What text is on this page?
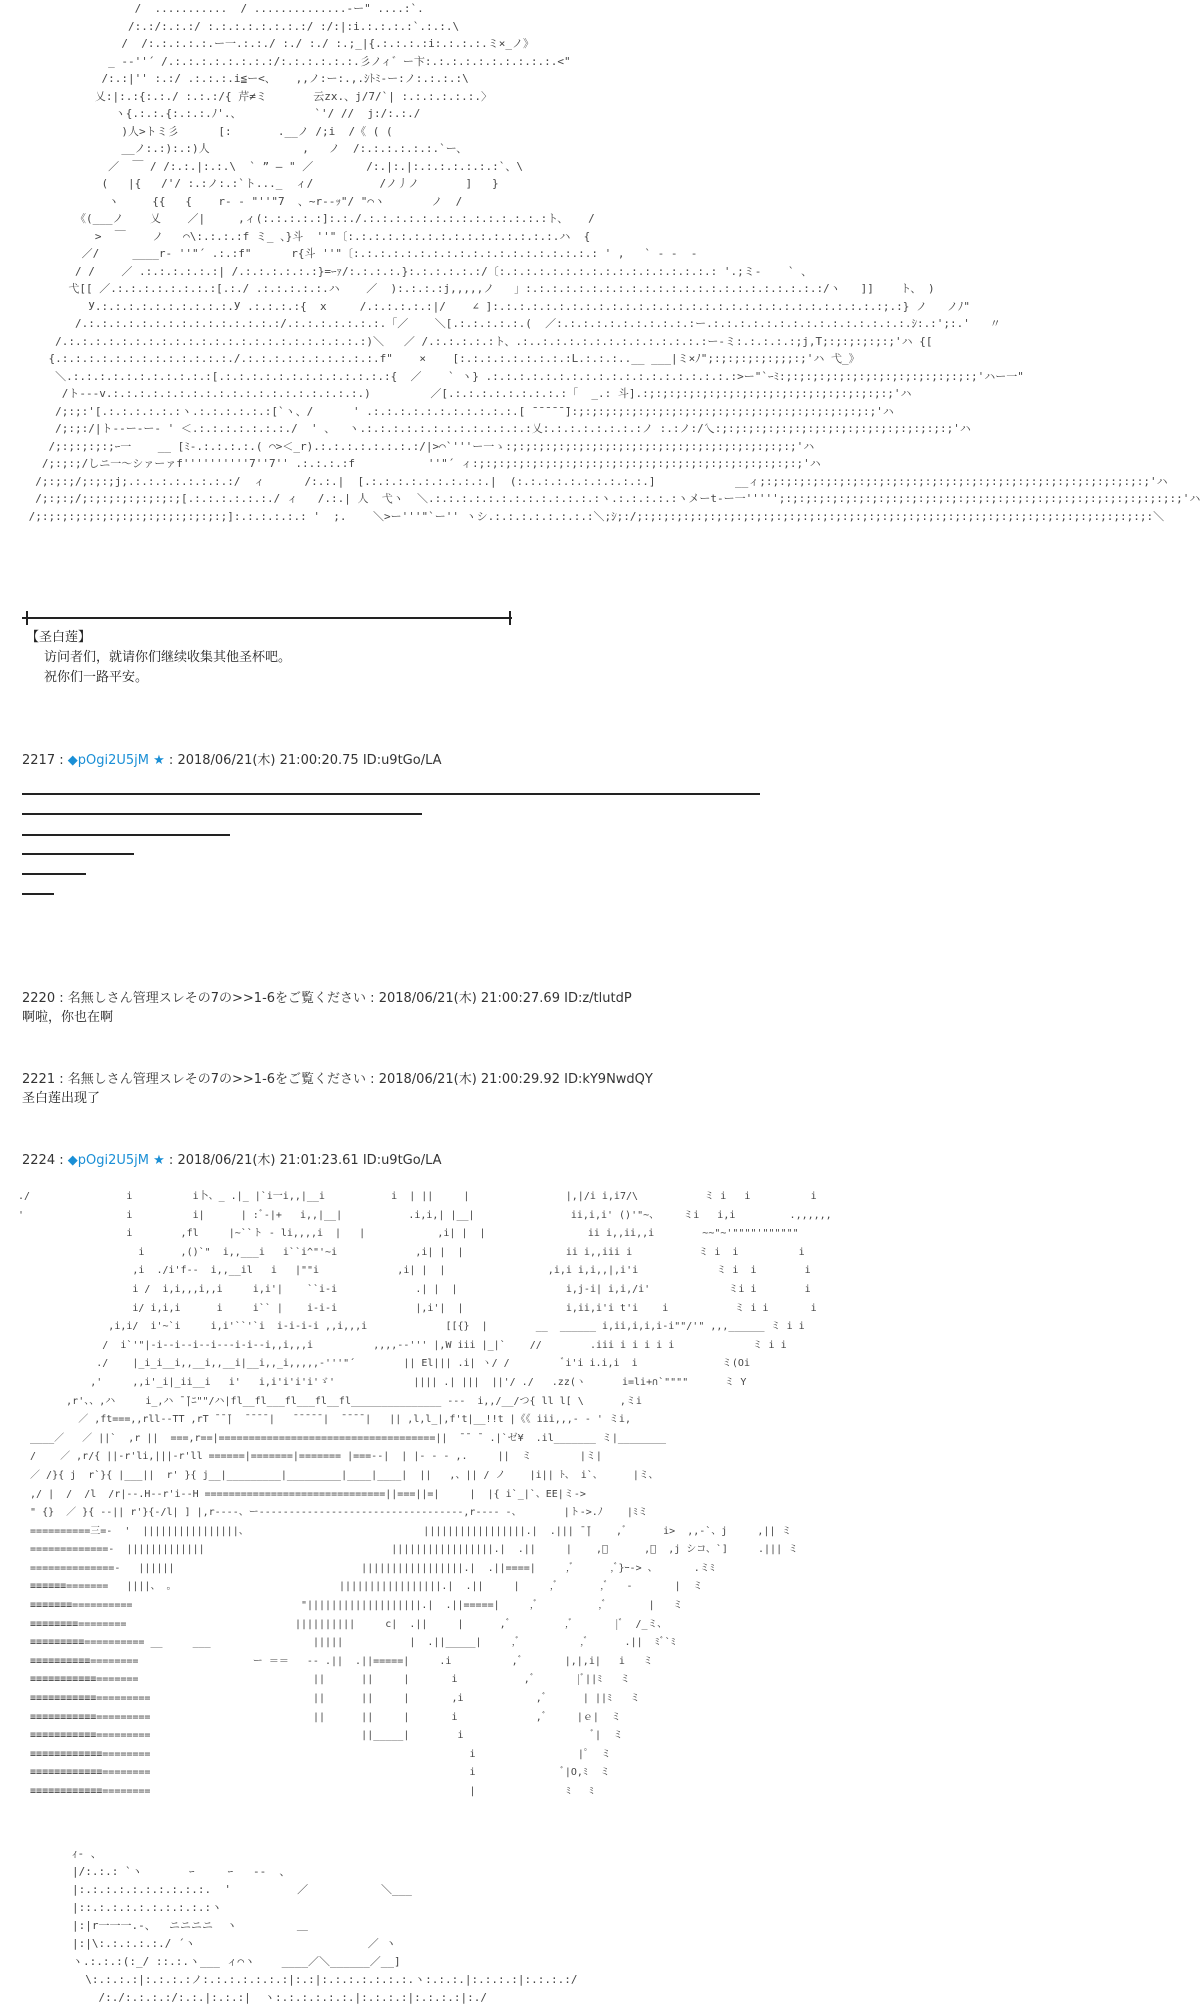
/  ...........  / ..............-ー" ....:`.
/:.:/:.:.:/ :.:.:.:.:.:.:.:/ :/:|:i.:.:.:.:`.:.:.\
/  /:.:.:.:.:.ー一.:.:./ :./ :./ :.;_|{.:.:.:.:i:.:.:.:.ミ×_ノ》
_ -‐''´ /.:.:.:.:.:.:.:.:/:.:.:.:.:.:.彡ノィ゛ー卞:.:.:.:.:.:.:.:.:.:.<"
/:.:|'' :.:/ .:.:.:.i≦ー<、   ,,ノ:ー:.,.ｼﾄﾐ-ー:ノ:.:.:.:\
乂:|:.:{:.:./ :.:.:/{ 芹≠ミ       云zx.、j/7/`| :.:.:.:.:.:.〉
ヽ{.:.:.{:.:.:.ﾉ'.、           `'/ //  j:/:.:./
)人>トミ彡      [:       .__ノ /;i  /《 ( (
__ノ:.:):.:)人              ,   ノ  /:.:.:.:.:.:.`ー、
／  ￣ / /:.:.|:.:.\  ` ” ― " ／        /:.|:.|:.:.:.:.:.:.:`、\
(   |{   /'/ :.:ノ:.:`ト..._  ィ/          /ノ丿ノ       ]   }
ヽ     {{   {    r‐ ‐ "''"7  、~r-‐ｯ"/ "⌒ヽ       ノ  /
《(___ノ    乂    ／|     ,ィ(:.:.:.:.:]:.:./.:.:.:.:.:.:.:.:.:.:.:.:.:.:ト、   /
>  ￣    ノ   ⌒\:.:.:.:f ミ_ 、}斗  ''"〔:.:.:.:.:.:.:.:.:.:.:.:.:.:.:.:.ハ  {
／/     ____r- ''"´ .:.:f"      r{斗 ''"〔:.:.:.:.:.:.:.:.:.:.:.:.:.:.:.:.:.:.: ' ,   ` ‐ ‐  ‐
/ /    ／ .:.:.:.:.:.:| /.:.:.:.:.:.:}=ｰｧ/:.:.:.:.}:.:.:.:.:.:/〔:.:.:.:.:.:.:.:.:.:.:.:.:.:.:.:.: '.;ミ-    ` 、
弋[[ ／.:.:.:.:.:.:.:.:[.:./ .:.:.:.:.:.ハ    ／  ):.:.:.:j,,,,,ノ   」:.:.:.:.:.:.:.:.:.:.:.:.:.:.:.:.:.:.:.:.:.:.:/ヽ   ]]    ト、 )
У.:.:.:.:.:.:.:.:.:.:.У .:.:.:.:{  x     /.:.:.:.:.:|/    ∠ ]:.:.:.:.:.:.:.:.:.:.:.:.:.:.:.:.:.:.:.:.:.:.:.:.:.:.:.:.:.:;.:} ノ   ノﾉ"
/.:.:.:.:.:.:.:.:.:.:.:.:.:.:.:/.:.:.:.:.:.:.:.「／    ＼[.:.:.:.:.:.(  ／:.:.:.:.:.:.:.:.:.:.:ー.:.:.:.:.:.:.:.:.:.:.:.:.:.:.:.ｼ:.:';:.'   〃
/.:.:.:.:.:.:.:.:.:.:.:.:.:.:.:.:.:.:.:.:.:.:.:)＼   ／ /.:.:.:.:.:ト、.:..:.:.:.:.:.:.:.:.:.:.:.:.:ー-ミ:.:.:.:.:;j,T;:;:;:;:;:;'ハ {[
{.:.:.:.:.:.:.:.:.:.:.:.:.:./.:.:.:.:.:.:.:.:.:.:.f"    ×    [:.:.:.:.:.:.:.:.:L.:.:.:..__ ___|ミ×ﾉ";:;:;:;:;:;;;:;'ハ 弋_》
＼.:.:.:.:.:.:.:.:.:.:.:[.:.:.:.:.:.:.:.:.:.:.:.:.:{  ／    ` ヽ} .:.:.:.:.:.:.:.:.:.:.:.:.:.:.:.:.:.:.:>ー"`ｰﾐ:;:;:;:;:;:;:;:;:;:;:;:;:;:;:;'ハー一"
/ト-‐-v.:.:.:.:.:.:.:.:.:.:.:.:.:.:.:.:.:.:.:.)         ／[.:.:.:.:.:.:.:.:.:「  _.: 斗].:;:;:;:;:;:;:;:;:;:;:;:;:;:;:;:;:;:;:;'ハ
/;:;:'[.:.:.:.:.:.:ヽ.:.:.:.:.:.:[`ヽ、/      ' .:.:.:.:.:.:.:.:.:.:.:.[ ̄ ̄ ̄ ̄ ̄ ̄]:;:;:;:;:;:;:;:;:;:;:;:;:;:;:;:;:;:;:;:;:;:;:;'ハ
/;:;:/|ト-‐ー-ー‐ ' ＜.:.:.:.:.:.:.:./  ' 、  ヽ.:.:.:.:.:.:.:.:.:.:.:.:.:乂:.:.:.:.:.:.:.:ノ :.:ノ:/乀:;:;:;:;:;:;:;:;:;:;:;:;:;:;:;:;:;:;'ハ
/;:;:;:;:;ｰ一    __ [ﾐ-.:.:.:.:.( ⌒>＜_r).:.:.:.:.:.:.:.:/|>⌒`'''ー一ゝ:;:;:;:;:;:;:;:;:;:;:;:;:;:;:;:;:;:;:;:;:;:;'ハ
/;:;:;/しニ一〜シァーァf''''''''''7''7'' .:.:.:.:f           ''"´ ィ:;:;:;:;:;:;:;:;:;:;:;:;:;:;:;:;:;:;:;:;:;:;:;:;:;'ハ
/;:;:;/;:;:;j;.:.:.:.:.:.:.:.:/  ィ      /:.:.|  [.:.:.:.:.:.:.:.:.:.|  (:.:.:.:.:.:.:.:.:.:.]            __ィ;:;:;:;:;:;:;:;:;:;:;:;:;:;:;:;:;:;:;:;:;:;:;:;:;:;:;:;:;:;'ハ
/;:;:;/;:;:;:;:;:;:;:;[.:.:.:.:.:.:./ ィ   /.:.| 人  弋ヽ  ＼.:.:.:.:.:.:.:.:.:.:.:.:.:ヽ.:.:.:.:.:ヽメーt‐ー一''''';:;:;:;:;:;:;:;:;:;:;:;:;:;:;:;:;:;:;:;:;:;:;:;:;:;:;:;:;:;:;'ハ
/;:;:;:;:;:;:;:;:;:;:;:;:;:;:;]:.:.:.:.:.: '  ;.    ＼>ー'''"`ー'' ヽシ.:.:.:.:.:.:.:.:＼;ｼ;:/;:;:;:;:;:;:;:;:;:;:;:;:;:;:;:;:;:;:;:;:;:;:;:;:;:;:;:;:;:;:;:;:;:;:;:;:;:;:;:＼
【圣白莲】
访问者们，就请你们继续收集其他圣杯吧。
祝你们一路平安。
2217 : ◆pOgi2U5jM ★ : 2018/06/21(木) 21:00:20.75 ID:u9tGo/LA
2220 : 名無しさん管理スレその7の>>1-6をご覧ください : 2018/06/21(木) 21:00:27.69 ID:z/tlutdP
啊啦，你也在啊
2221 : 名無しさん管理スレその7の>>1-6をご覧ください : 2018/06/21(木) 21:00:29.92 ID:kY9NwdQY
圣白莲出现了
2224 : ◆pOgi2U5jM ★ : 2018/06/21(木) 21:01:23.61 ID:u9tGo/LA
./                i          i卜、_ .|_ |`i一i,,|__i           i  | ||     |                |,|/i i,i7/\           ミ i   i          i
'                 i          i|      | :ﾞ‐|+   i,,|__|           .i,i,| |__|                ii,i,i' ()'"~、    ミi   i,i         .,,,,,,
i        ,fl     |~``ト ‐ li,,,,i  |   |            ,i| |  |                 ii i,,ii,,i        ~~"~'""""'""""""
i      ,()`"  i,,___i   i``i^"'~i             ,i| |  |                 ii i,,iii i           ミ i  i          i
,i  ./i'f‐‐  i,,__il   i   |""i             ,i| |  |                 ,i,i i,i,,|,i'i             ミ i  i        i
i /  i,i,,,i,,i     i,i'|    ``i‐i             .| |  |                  i,j‐i| i,i,/i'             ミi i        i
i/ i,i,i      i     i`` |    i‐i‐i             |,i'|  |                 i,ii,i'i t'i    i           ミ i i       i
,i,i/  i'~`i     i,i'``'`i  i‐i‐i‐i ,,i,,,i             [[{}  |        __  ______ i,ii,i,i,i-i""/'" ,,,______ ミ i i
/  i`'"|‐i‐‐i‐‐i‐‐i‐‐‐i‐i‐‐i,,i,,,i          ,,,,-‐''' |,W iii |_|`    //        .iii i i i i i             ミ i i
./    |_i_i__i,,__i,,__i|__i,,_i,,,,,‐'''"´        || El||| .i| ヽ/ /         ﾞi'i i.i,i  i              ミ(Oi
,'     ,,i'_i|_ii__i   i'   i,i'i'i'i'ゞ'             |||| .| |||  ||'/ ./   .zz(ヽ      i=li+∩`""""      ミ Y
,r'、、,ハ     i_,ハ ̄ ̄|ﾆ""/ハ|fl__fl___fl___fl__fl_______________ ‐‐‐  i,,/__/つ{ ll l[ \      ,ミi
／ ,ft===,,rll‐‐TT ,rT ̄ ̄ ̄|  ̄ ̄ ̄ ̄ |   ̄ ̄ ̄ ̄ ̄ |  ̄ ̄ ̄ ̄ |   || ,l,l_|,f't|__!!t |《《 iii,,,- - ' ミi,
____／   ／ ||`  ,r ||  ===,r==|====================================||  ̄ ̄  ̄  .|`ゼ¥  .il_______ ミ|________
/    ／ ,r/{ ||‐r'li,|||‐r'll ======|=======|======= |===‐‐|  | |‐ ‐ ‐ ,.     ||  ミ        |ミ|
／ /}{ j  r`}{ |___||  r' }{ j__|_________|_________|____|____|  ||   ,、|| / ノ    |i|| ﾄ、 i`、     |ミ、
,/ |  /  /l  /r|‐‐.H‐‐r'i‐‐H ==============================||===||=|     |  |{ i`_|`、EE|ミ->
" {}  ／ }{ ‐‐|| r'}{‐/l| ] |,r‐‐‐‐、ー‐‐‐‐‐‐‐‐‐‐‐‐‐‐‐‐‐‐‐‐‐‐‐‐‐‐‐‐‐‐‐‐‐‐,r‐‐‐‐ ‐、       |ト->.ﾉ    |ﾐミ
==========三=-  '  ||||||||||||||||、                             |||||||||||||||||.|  .||| ̄ ̄|    ,ﾞ      i>  ,,‐`、j     ,|| ミ
=============-  |||||||||||||                               |||||||||||||||||.|  .||     |    ,ﾞ      ,ﾞ  ,j シコ、`]     .||| ミ
==============-   ||||||                               |||||||||||||||||.|  .||====|     ,ﾞ      ,ﾞ}ｰ‐> 、      .ミﾐ
≡≡≡≡≡≡=======   ||||、 。                           |||||||||||||||||.|  .||     |     ,ﾞ       ,ﾞ   ‐       |  ミ
≡≡≡≡≡≡≡==========                            "|||||||||||||||||||.|  .||=====|     ,ﾞ          ,ﾞ       |   ミ
≡≡≡≡≡≡≡≡========                            ||||||||||     c|  .||     |      ,ﾞ         ,ﾞ       |ﾞ  /_ミ、
≡≡≡≡≡≡≡≡≡========== __     ___                 |||||           |  .||_____|     ,ﾞ          ,ﾞ      .||  ﾐﾞ`ﾐ
≡≡≡≡≡≡≡≡≡≡========                   ー ＝＝   ‐‐ .||  .||=====|     .i          ,ﾞ       |,|,i|   i   ミ
≡≡≡≡≡≡≡≡≡≡≡=======                             ||      ||     |       i           ,ﾞ       |ﾞ||ﾐ   ミ
≡≡≡≡≡≡≡≡≡≡≡=========                           ||      ||     |       ,i            ,ﾞ      | ||ﾐ   ミ
≡≡≡≡≡≡≡≡≡≡≡=========                           ||      ||     |       i             ,ﾞ     |ｅ|  ミ
≡≡≡≡≡≡≡≡≡≡≡=========                                   ||_____|        i                     ﾞ|  ミ
≡≡≡≡≡≡≡≡≡≡≡≡========                                                     i                 |ﾟ  ミ
≡≡≡≡≡≡≡≡≡≡≡≡========                                                     i              ﾞ|O,ﾐ  ミ
≡≡≡≡≡≡≡≡≡≡≡≡========                                                     |               ﾐ   ﾐ
ｨ- 、
|/:.:.: `ヽ       ｰ     ｰ   ‐‐  、
|:.:.:.:.:.:.:.:.:.:.  '          ／           ＼___
|::.:.:.:.:.:.:.:.:.:ヽ
|:|r一一一.-、  ニニニニ  ヽ         ＿
|:|\:.:.:.:.:./ ´ヽ                          ／ ヽ
ヽ.:.:.:(:_/ ::.:.ヽ___ ィ⌒ヽ    ____／＼______／__]
\:.:.:.:|:.:.:.:ノ:.:.:.:.:.:.:|:.:|:.:.:.:.:.:.:.ヽ:.:.:.|:.:.:.:|:.:.:.:/
/:./:.:.:.:/:.:.|:.:.:|  ヽ:.:.:.:.:.:.|:.:.:.:|:.:.:.:|:./
